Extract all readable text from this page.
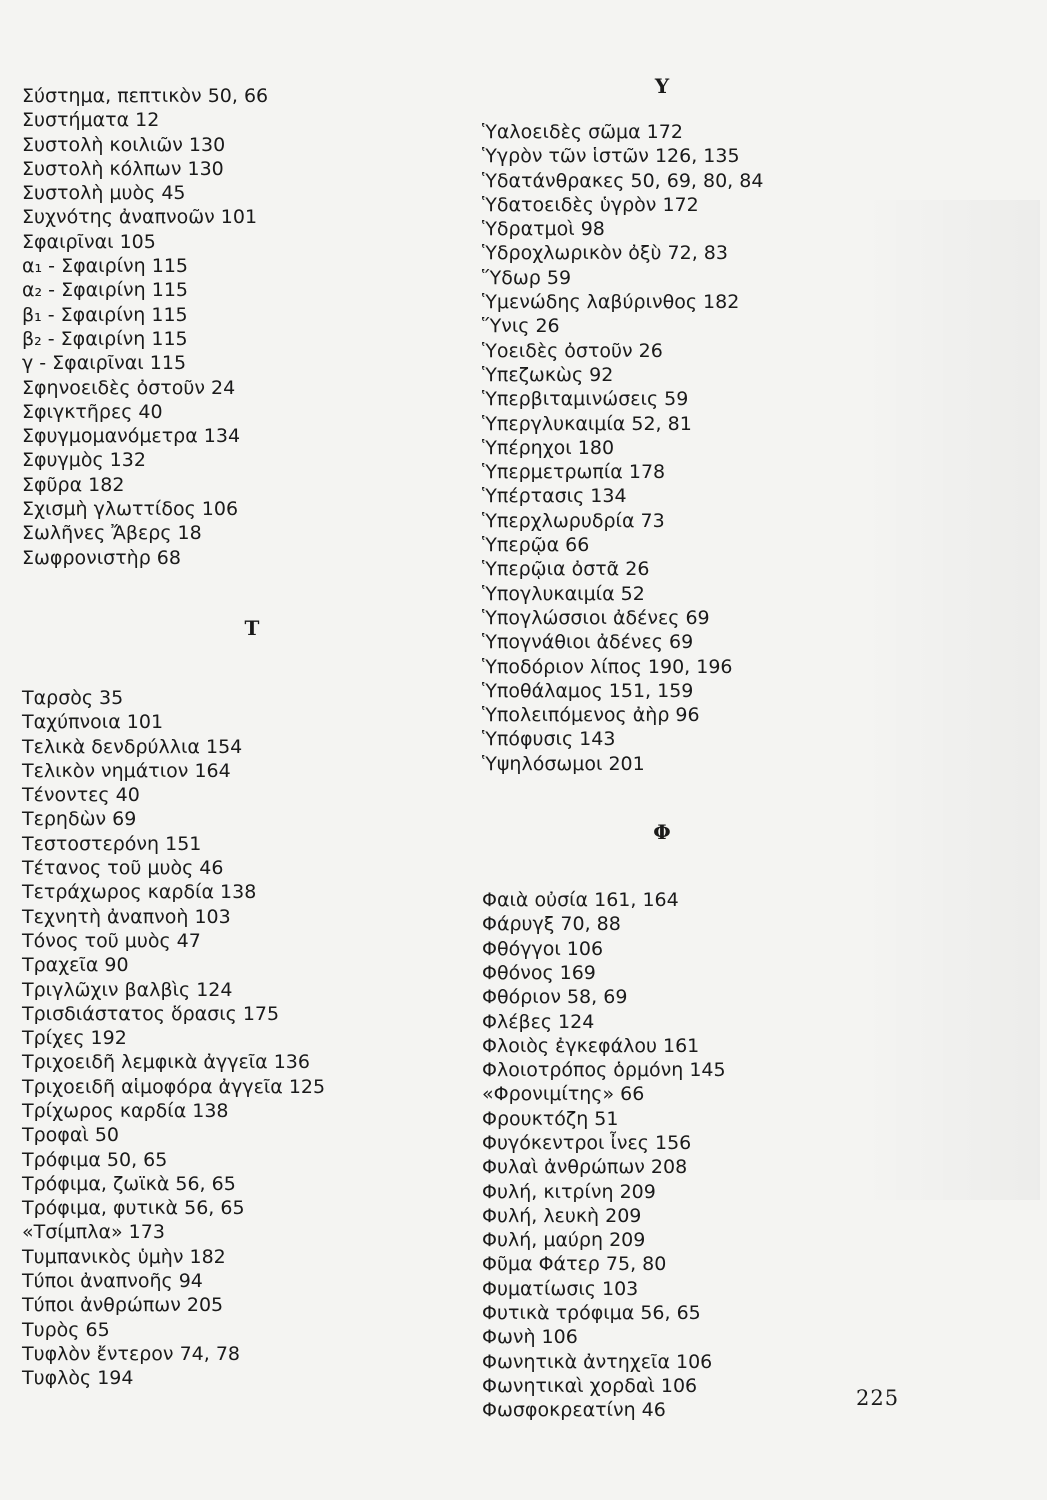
Υ
Σύστημα, πεπτικὸν 50, 66
Συστήματα 12
Συστολὴ κοιλιῶν 130
Συστολὴ κόλπων 130
Συστολὴ μυὸς 45
Συχνότης ἀναπνοῶν 101
Σφαιρῖναι 105
α₁ - Σφαιρίνη 115
α₂ - Σφαιρίνη 115
β₁ - Σφαιρίνη 115
β₂ - Σφαιρίνη 115
γ - Σφαιρῖναι 115
Σφηνοειδὲς ὀστοῦν 24
Σφιγκτῆρες 40
Σφυγμομανόμετρα 134
Σφυγμὸς 132
Σφῦρα 182
Σχισμὴ γλωττίδος 106
Σωλῆνες Ἄβερς 18
Σωφρονιστὴρ 68
Τ
Ταρσὸς 35
Ταχύπνοια 101
Τελικὰ δενδρύλλια 154
Τελικὸν νημάτιον 164
Τένοντες 40
Τερηδὼν 69
Τεστοστερόνη 151
Τέτανος τοῦ μυὸς 46
Τετράχωρος καρδία 138
Τεχνητὴ ἀναπνοὴ 103
Τόνος τοῦ μυὸς 47
Τραχεῖα 90
Τριγλῶχιν βαλβὶς 124
Τρισδιάστατος ὅρασις 175
Τρίχες 192
Τριχοειδῆ λεμφικὰ ἀγγεῖα 136
Τριχοειδῆ αἱμοφόρα ἀγγεῖα 125
Τρίχωρος καρδία 138
Τροφαὶ 50
Τρόφιμα 50, 65
Τρόφιμα, ζωϊκὰ 56, 65
Τρόφιμα, φυτικὰ 56, 65
«Τσίμπλα» 173
Τυμπανικὸς ὑμὴν 182
Τύποι ἀναπνοῆς 94
Τύποι ἀνθρώπων 205
Τυρὸς 65
Τυφλὸν ἔντερον 74, 78
Τυφλὸς 194
Ὑαλοειδὲς σῶμα 172
Ὑγρὸν τῶν ἱστῶν 126, 135
Ὑδατάνθρακες 50, 69, 80, 84
Ὑδατοειδὲς ὑγρὸν 172
Ὑδρατμοὶ 98
Ὑδροχλωρικὸν ὀξὺ 72, 83
Ὕδωρ 59
Ὑμενώδης λαβύρινθος 182
Ὕνις 26
Ὑοειδὲς ὀστοῦν 26
Ὑπεζωκὼς 92
Ὑπερβιταμινώσεις 59
Ὑπεργλυκαιμία 52, 81
Ὑπέρηχοι 180
Ὑπερμετρωπία 178
Ὑπέρτασις 134
Ὑπερχλωρυδρία 73
Ὑπερῷα 66
Ὑπερῷια ὀστᾶ 26
Ὑπογλυκαιμία 52
Ὑπογλώσσιοι ἀδένες 69
Ὑπογνάθιοι ἀδένες 69
Ὑποδόριον λίπος 190, 196
Ὑποθάλαμος 151, 159
Ὑπολειπόμενος ἀὴρ 96
Ὑπόφυσις 143
Ὑψηλόσωμοι 201
Φ
Φαιὰ οὐσία 161, 164
Φάρυγξ 70, 88
Φθόγγοι 106
Φθόνος 169
Φθόριον 58, 69
Φλέβες 124
Φλοιὸς ἐγκεφάλου 161
Φλοιοτρόπος ὁρμόνη 145
«Φρονιμίτης» 66
Φρουκτόζη 51
Φυγόκεντροι ἶνες 156
Φυλαὶ ἀνθρώπων 208
Φυλή, κιτρίνη 209
Φυλή, λευκὴ 209
Φυλή, μαύρη 209
Φῦμα Φάτερ 75, 80
Φυματίωσις 103
Φυτικὰ τρόφιμα 56, 65
Φωνὴ 106
Φωνητικὰ ἀντηχεῖα 106
Φωνητικαὶ χορδαὶ 106
Φωσφοκρεατίνη 46
225
